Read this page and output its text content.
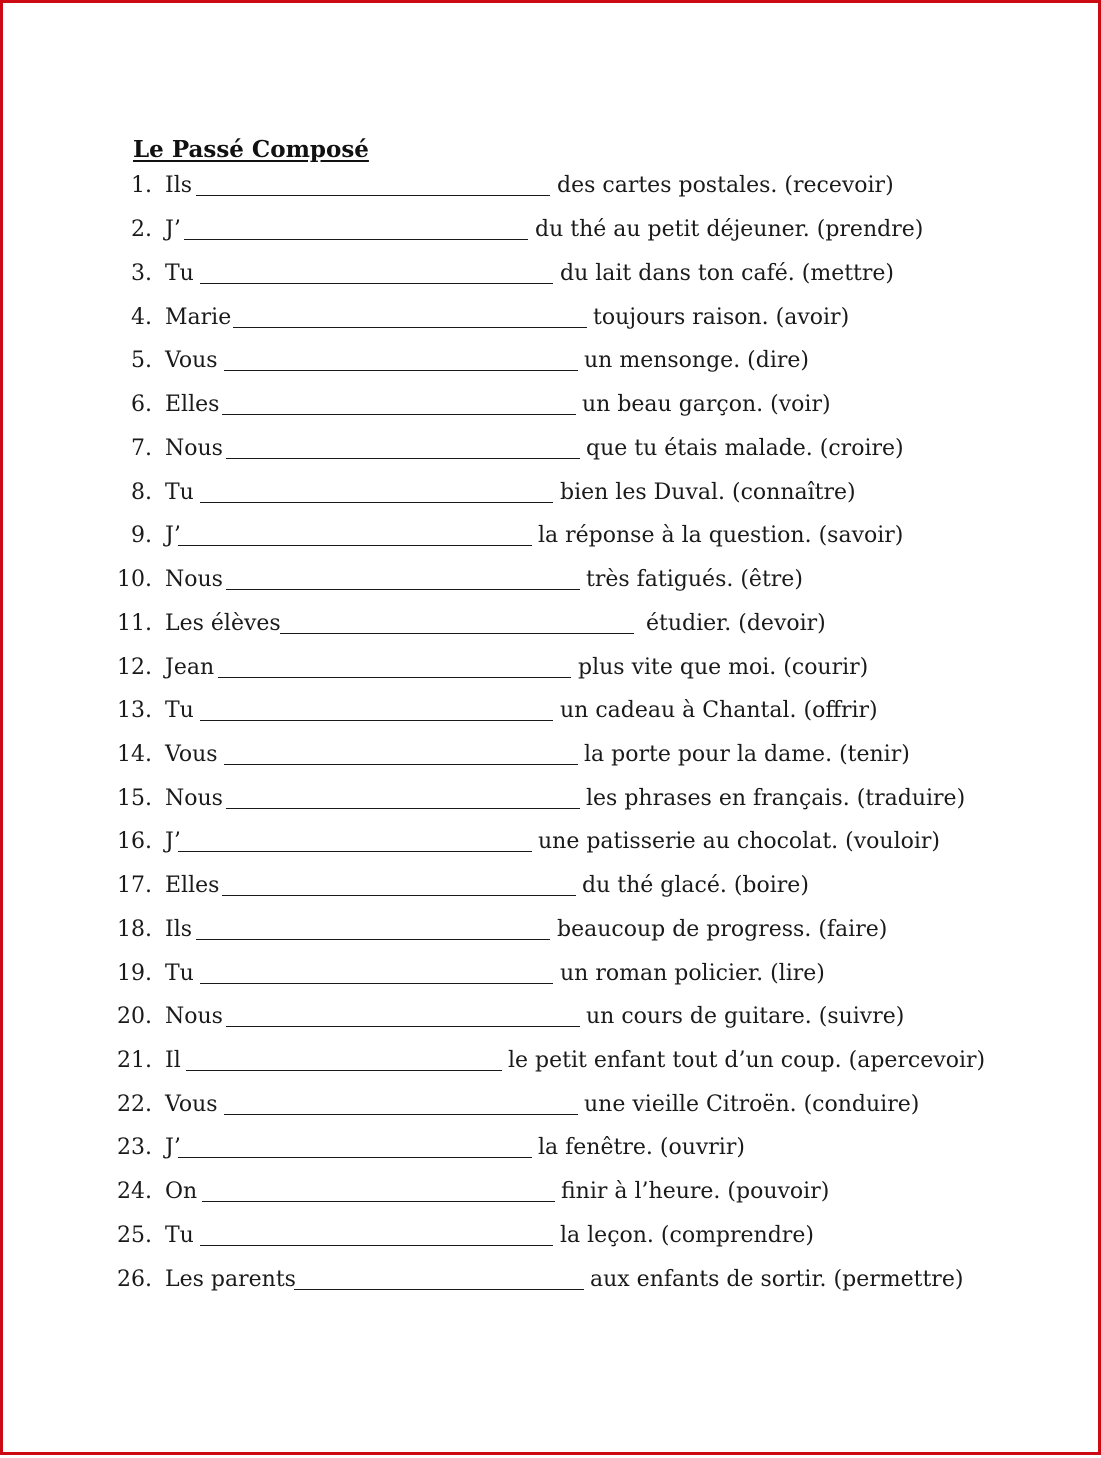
Le Passé Composé
1. Ils	des cartes postales. (recevoir)
2. J’	du thé au petit déjeuner. (prendre)
3. Tu	du lait dans ton café. (mettre)
4. Marie	toujours raison. (avoir)
5. Vous	un mensonge. (dire)
6. Elles	un beau garçon. (voir)
7. Nous	que tu étais malade. (croire)
8. Tu	bien les Duval. (connaître)
9. J’	la réponse à la question. (savoir)
10. Nous	très fatigués. (être)
11. Les élèves	étudier. (devoir)
12. Jean	plus vite que moi. (courir)
13. Tu	un cadeau à Chantal. (offrir)
14. Vous	la porte pour la dame. (tenir)
15. Nous	les phrases en français. (traduire)
16. J’	une patisserie au chocolat. (vouloir)
17. Elles	du thé glacé. (boire)
18. Ils	beaucoup de progress. (faire)
19. Tu	un roman policier. (lire)
20. Nous	un cours de guitare. (suivre)
21. Il	le petit enfant tout d’un coup. (apercevoir)
22. Vous	une vieille Citroën. (conduire)
23. J’	la fenêtre. (ouvrir)
24. On	finir à l’heure. (pouvoir)
25. Tu	la leçon. (comprendre)
26. Les parents	aux enfants de sortir. (permettre)
